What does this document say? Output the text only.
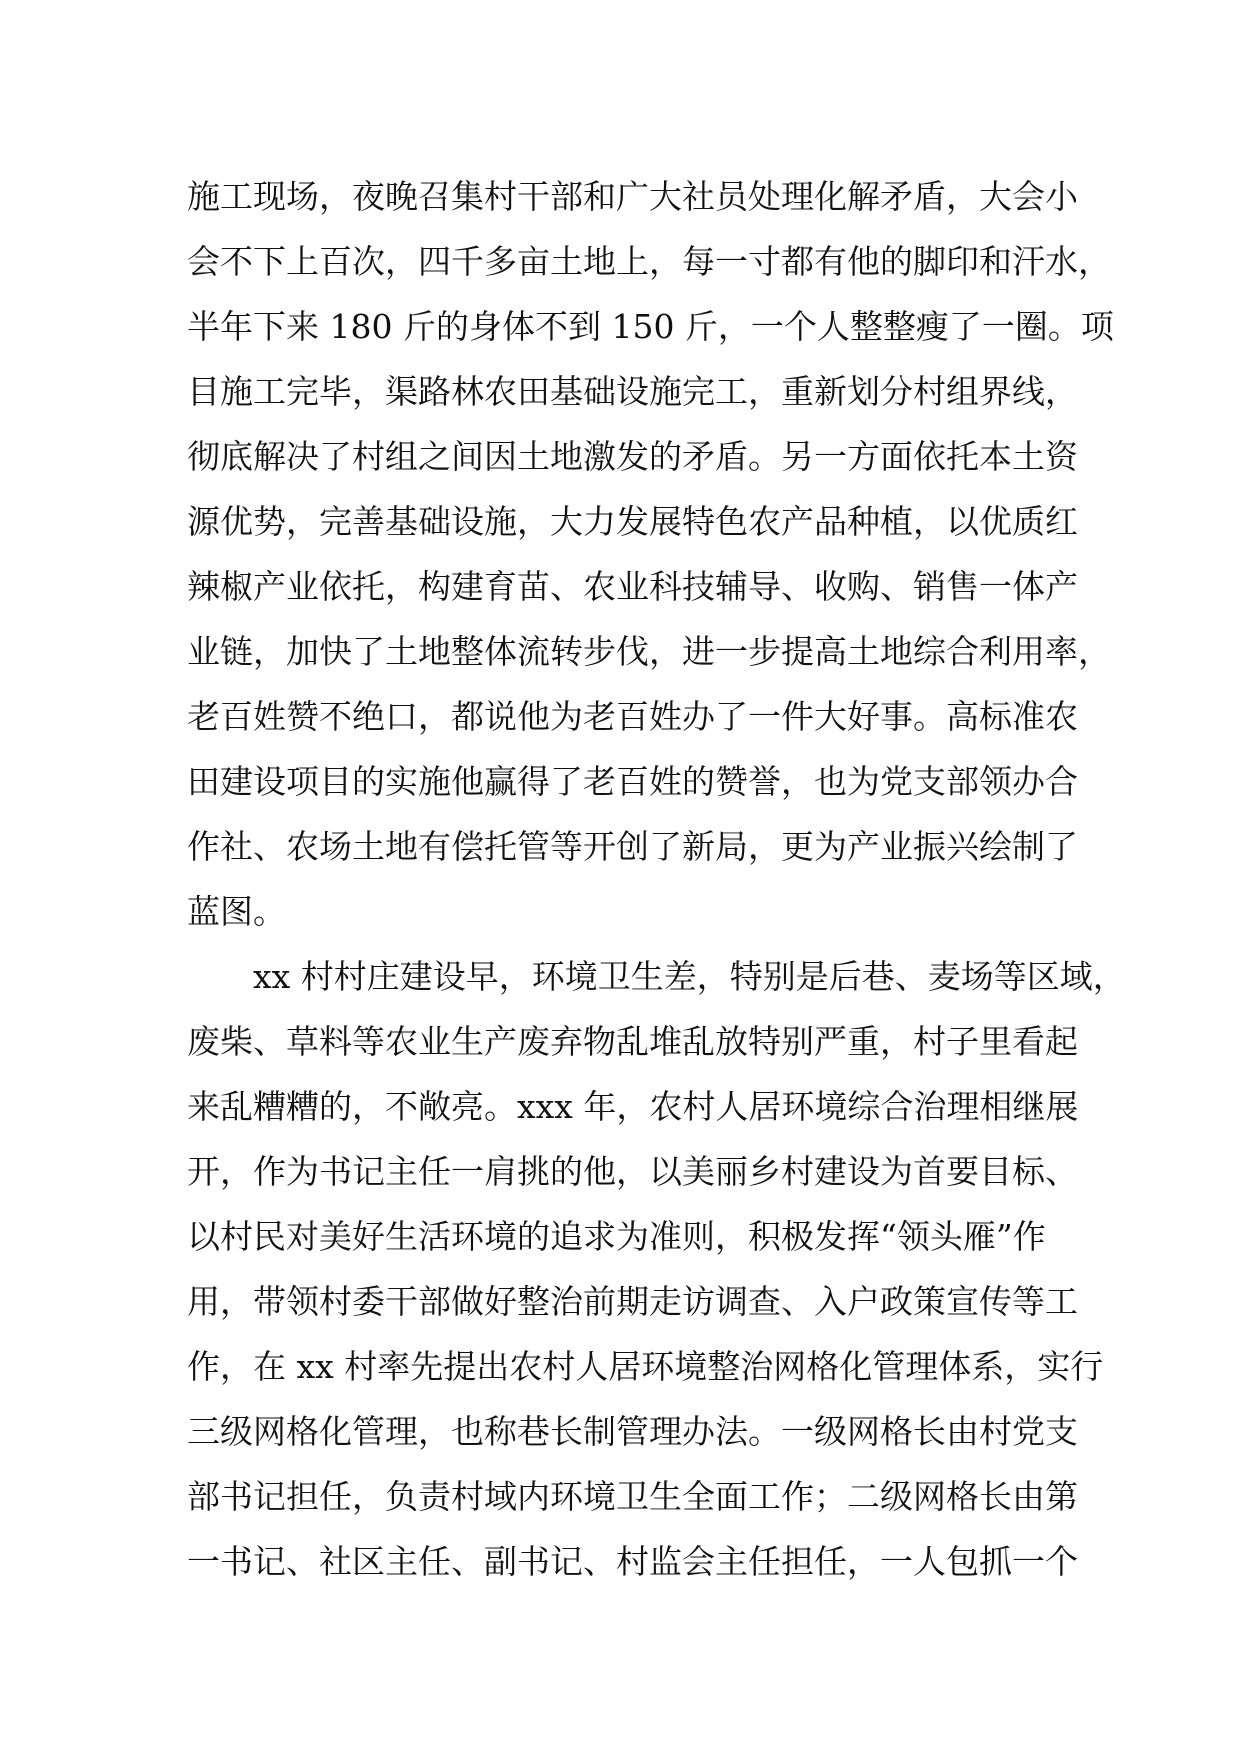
施工现场，夜晚召集村干部和广大社员处理化解矛盾，大会小
会不下上百次，四千多亩土地上，每一寸都有他的脚印和汗水，
半年下来 180 斤的身体不到 150 斤，一个人整整瘦了一圈。项
目施工完毕，渠路林农田基础设施完工，重新划分村组界线，
彻底解决了村组之间因土地激发的矛盾。另一方面依托本土资
源优势，完善基础设施，大力发展特色农产品种植，以优质红
辣椒产业依托，构建育苗、农业科技辅导、收购、销售一体产
业链，加快了土地整体流转步伐，进一步提高土地综合利用率，
老百姓赞不绝口，都说他为老百姓办了一件大好事。高标准农
田建设项目的实施他赢得了老百姓的赞誉，也为党支部领办合
作社、农场土地有偿托管等开创了新局，更为产业振兴绘制了
蓝图。
xx 村村庄建设早，环境卫生差，特别是后巷、麦场等区域，
废柴、草料等农业生产废弃物乱堆乱放特别严重，村子里看起
来乱糟糟的，不敞亮。xxx 年，农村人居环境综合治理相继展
开，作为书记主任一肩挑的他，以美丽乡村建设为首要目标、
以村民对美好生活环境的追求为准则，积极发挥“领头雁”作
用，带领村委干部做好整治前期走访调查、入户政策宣传等工
作，在 xx 村率先提出农村人居环境整治网格化管理体系，实行
三级网格化管理，也称巷长制管理办法。一级网格长由村党支
部书记担任，负责村域内环境卫生全面工作；二级网格长由第
一书记、社区主任、副书记、村监会主任担任，一人包抓一个
